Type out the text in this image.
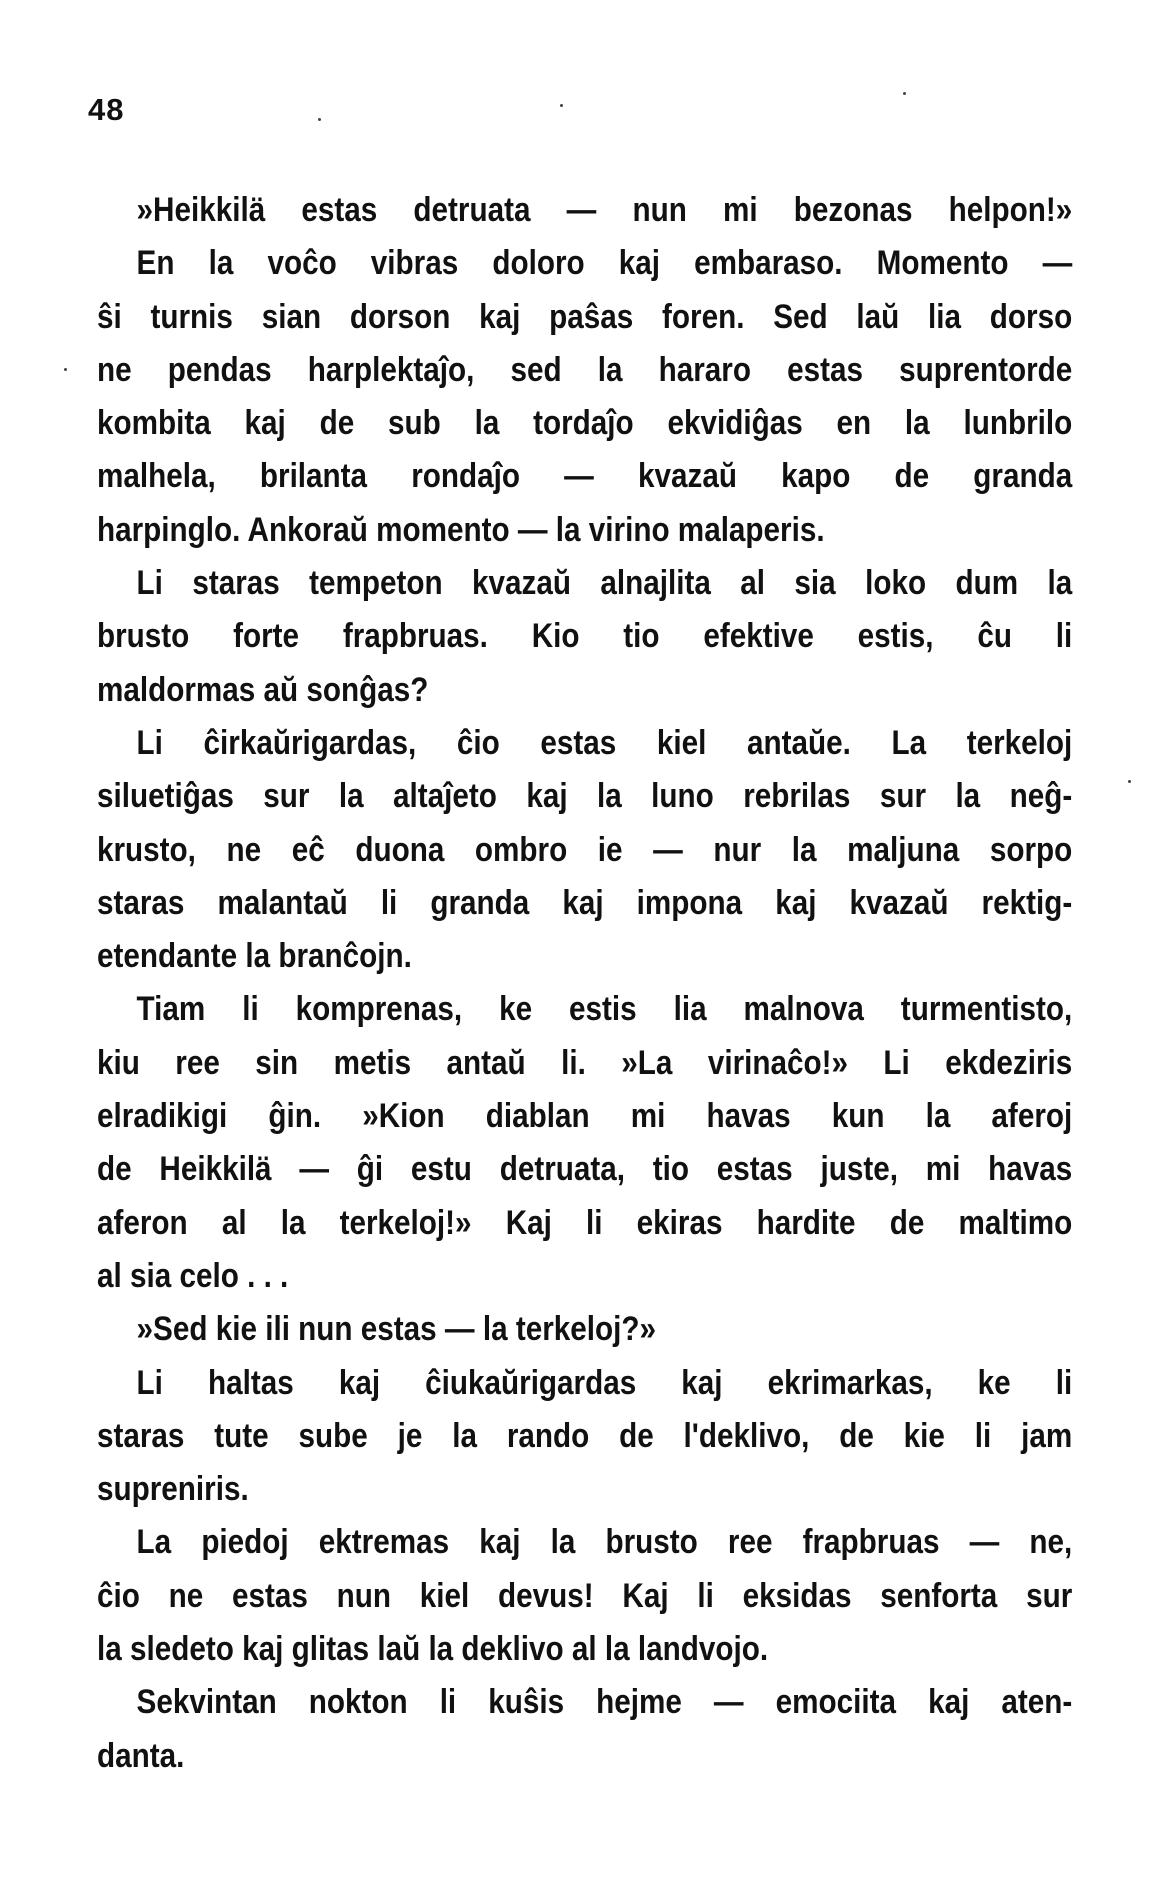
48
»Heikkilä estas detruata — nun mi bezonas helpon!»
En la voĉo vibras doloro kaj embaraso. Momento —
ŝi turnis sian dorson kaj paŝas foren. Sed laŭ lia dorso
ne pendas harplektaĵo, sed la hararo estas suprentorde
kombita kaj de sub la tordaĵo ekvidiĝas en la lunbrilo
malhela, brilanta rondaĵo — kvazaŭ kapo de granda
harpinglo. Ankoraŭ momento — la virino malaperis.
Li staras tempeton kvazaŭ alnajlita al sia loko dum la
brusto forte frapbruas. Kio tio efektive estis, ĉu li
maldormas aŭ sonĝas?
Li ĉirkaŭrigardas, ĉio estas kiel antaŭe. La terkeloj
siluetiĝas sur la altaĵeto kaj la luno rebrilas sur la neĝ-
krusto, ne eĉ duona ombro ie — nur la maljuna sorpo
staras malantaŭ li granda kaj impona kaj kvazaŭ rektig-
etendante la branĉojn.
Tiam li komprenas, ke estis lia malnova turmentisto,
kiu ree sin metis antaŭ li. »La virinaĉo!» Li ekdeziris
elradikigi ĝin. »Kion diablan mi havas kun la aferoj
de Heikkilä — ĝi estu detruata, tio estas juste, mi havas
aferon al la terkeloj!» Kaj li ekiras hardite de maltimo
al sia celo . . .
»Sed kie ili nun estas — la terkeloj?»
Li haltas kaj ĉiukaŭrigardas kaj ekrimarkas, ke li
staras tute sube je la rando de l'deklivo, de kie li jam
supreniris.
La piedoj ektremas kaj la brusto ree frapbruas — ne,
ĉio ne estas nun kiel devus! Kaj li eksidas senforta sur
la sledeto kaj glitas laŭ la deklivo al la landvojo.
Sekvintan nokton li kuŝis hejme — emociita kaj aten-
danta.
